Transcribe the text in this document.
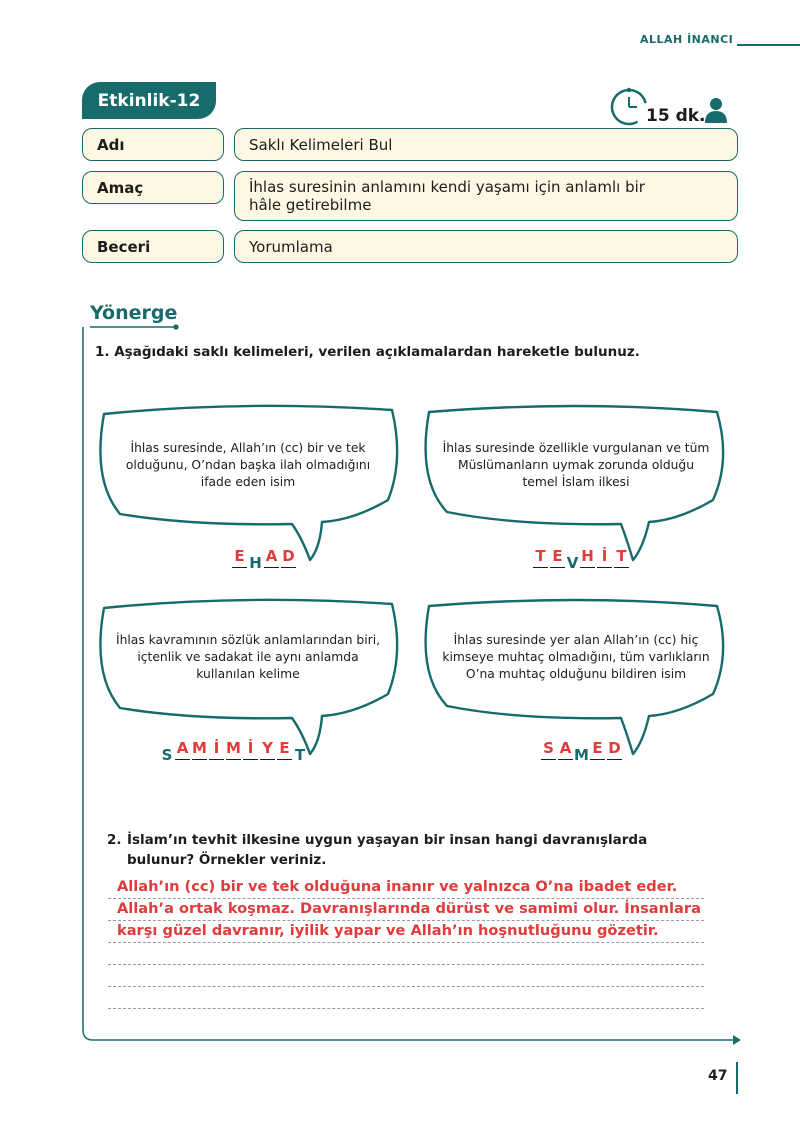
ALLAH İNANCI
Etkinlik-12
15 dk.
Adı	Saklı Kelimeleri Bul
Amaç	İhlas suresinin anlamını kendi yaşamı için anlamlı bir hâle getirebilme
Beceri	Yorumlama
Yönerge
1. Aşağıdaki saklı kelimeleri, verilen açıklamalardan hareketle bulunuz.
İhlas suresinde, Allah’ın (cc) bir ve tek olduğunu, O’ndan başka ilah olmadığını ifade eden isim
İhlas suresinde özellikle vurgulanan ve tüm Müslümanların uymak zorunda olduğu temel İslam ilkesi
İhlas kavramının sözlük anlamlarından biri, içtenlik ve sadakat ile aynı anlamda kullanılan kelime
İhlas suresinde yer alan Allah’ın (cc) hiç kimseye muhtaç olmadığını, tüm varlıkların O’na muhtaç olduğunu bildiren isim
E H A D	T E V H İ T
S A M İ M İ Y E T	S A M E D
2. İslam’ın tevhit ilkesine uygun yaşayan bir insan hangi davranışlarda bulunur? Örnekler veriniz.
Allah’ın (cc) bir ve tek olduğuna inanır ve yalnızca O’na ibadet eder. Allah’a ortak koşmaz. Davranışlarında dürüst ve samimi olur. İnsanlara karşı güzel davranır, iyilik yapar ve Allah’ın hoşnutluğunu gözetir.
47
